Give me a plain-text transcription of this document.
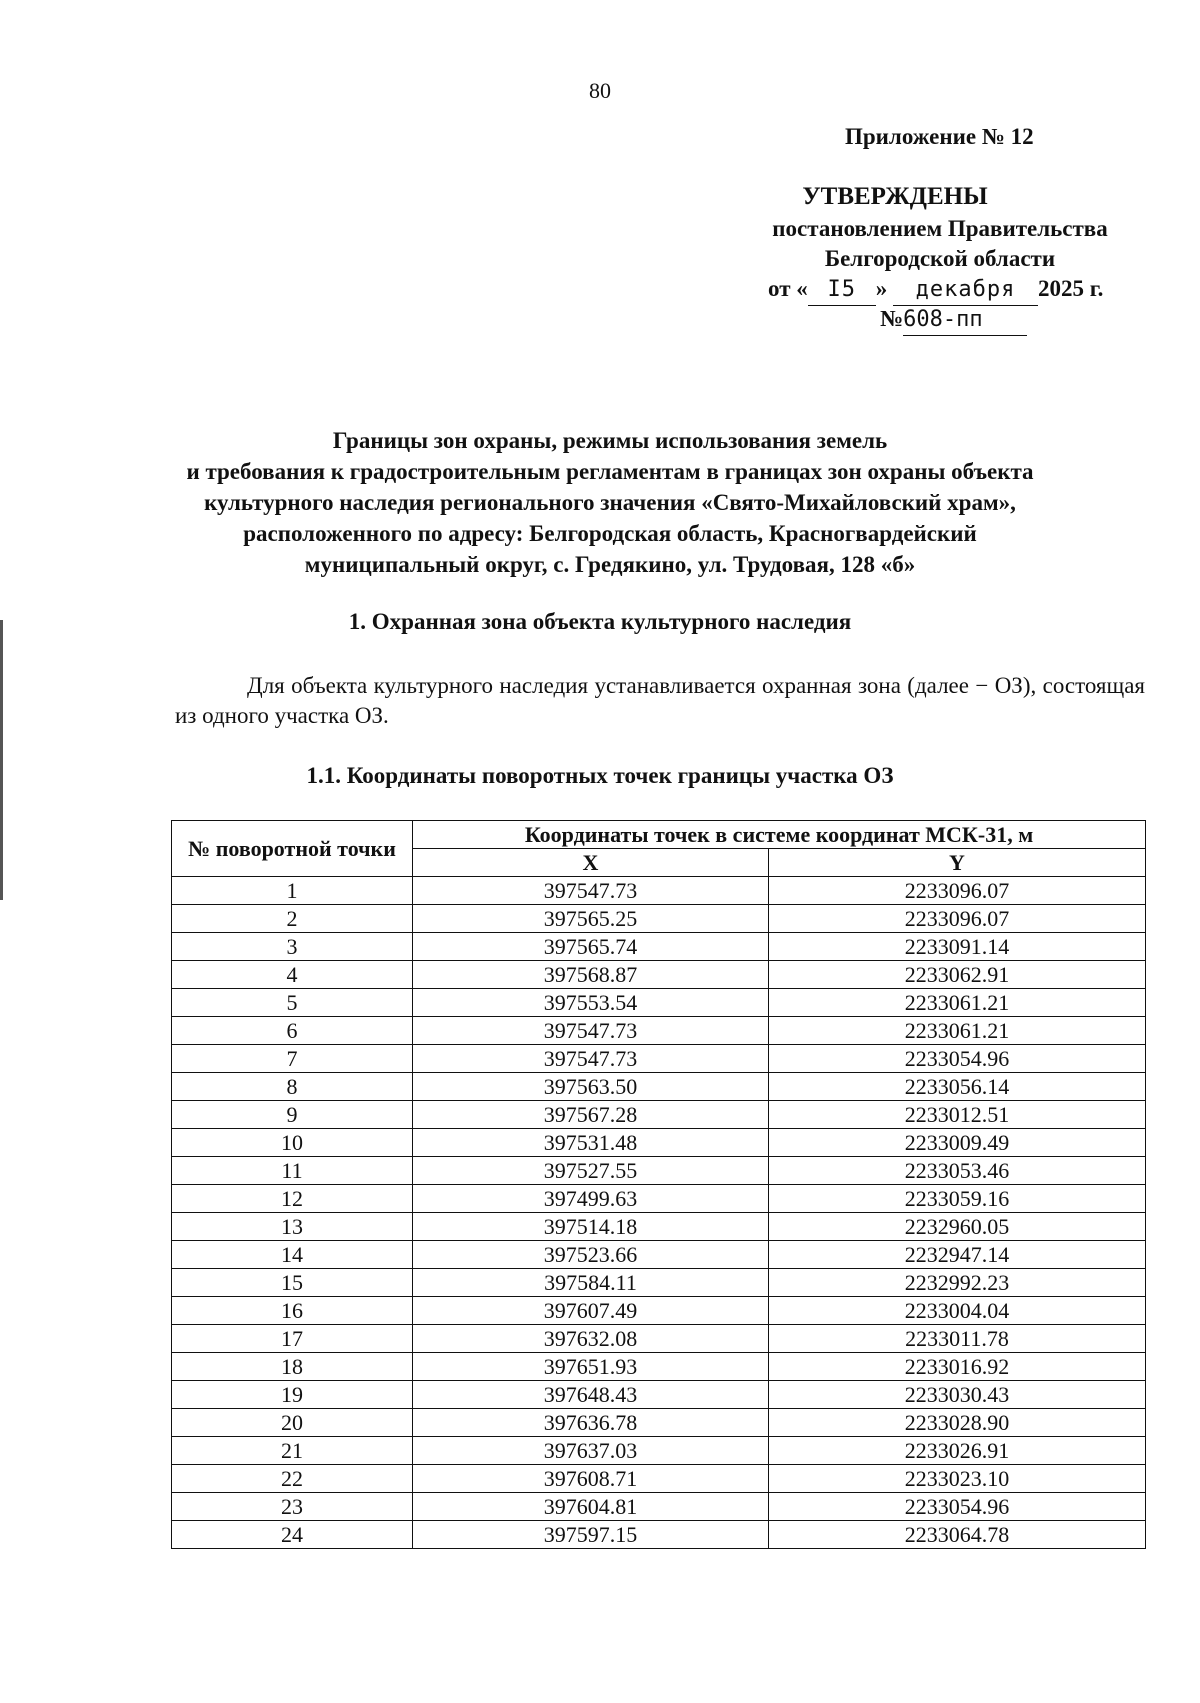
80
Приложение № 12
УТВЕРЖДЕНЫ
постановлением Правительства
Белгородской области
от « I5 » декабря 2025 г.
№608-пп
Границы зон охраны, режимы использования земель
и требования к градостроительным регламентам в границах зон охраны объекта
культурного наследия регионального значения «Свято-Михайловский храм»,
расположенного по адресу: Белгородская область, Красногвардейский
муниципальный округ, с. Гредякино, ул. Трудовая, 128 «б»
1. Охранная зона объекта культурного наследия
Для объекта культурного наследия устанавливается охранная зона (далее − ОЗ), состоящая из одного участка ОЗ.
1.1. Координаты поворотных точек границы участка ОЗ
№ поворотной точки	Координаты точек в системе координат МСК-31, м	
	X	Y
1	397547.73	2233096.07
2	397565.25	2233096.07
3	397565.74	2233091.14
4	397568.87	2233062.91
5	397553.54	2233061.21
6	397547.73	2233061.21
7	397547.73	2233054.96
8	397563.50	2233056.14
9	397567.28	2233012.51
10	397531.48	2233009.49
11	397527.55	2233053.46
12	397499.63	2233059.16
13	397514.18	2232960.05
14	397523.66	2232947.14
15	397584.11	2232992.23
16	397607.49	2233004.04
17	397632.08	2233011.78
18	397651.93	2233016.92
19	397648.43	2233030.43
20	397636.78	2233028.90
21	397637.03	2233026.91
22	397608.71	2233023.10
23	397604.81	2233054.96
24	397597.15	2233064.78
